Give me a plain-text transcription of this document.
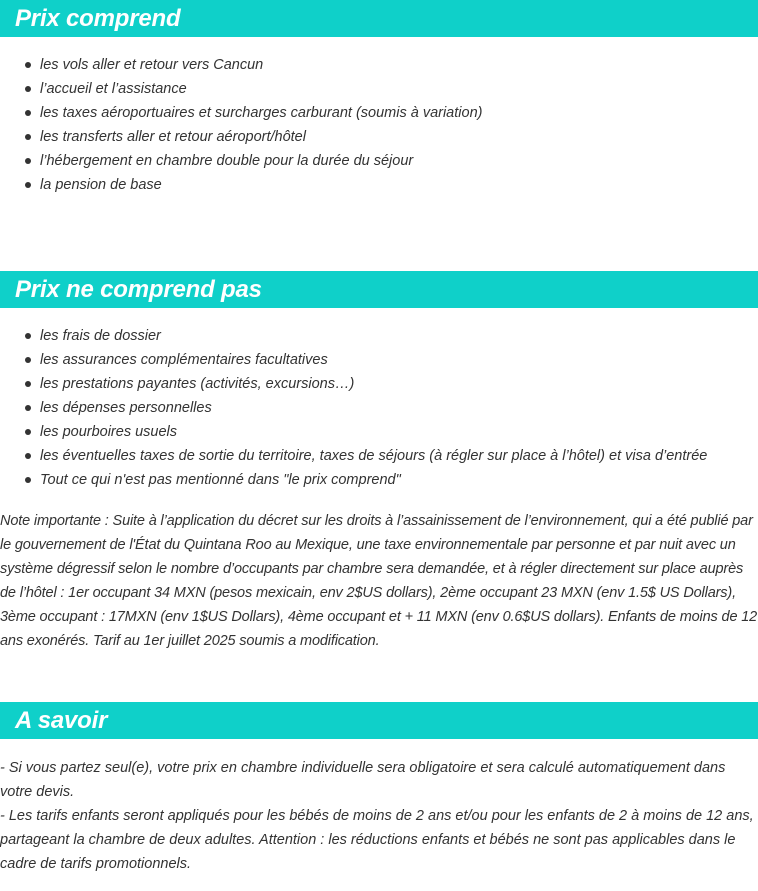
Prix comprend
les vols aller et retour vers Cancun
l’accueil et l’assistance
les taxes aéroportuaires et surcharges carburant (soumis à variation)
les transferts aller et retour aéroport/hôtel
l’hébergement en chambre double pour la durée du séjour
la pension de base
Prix ne comprend pas
les frais de dossier
les assurances complémentaires facultatives
les prestations payantes (activités, excursions…)
les dépenses personnelles
les pourboires usuels
les éventuelles taxes de sortie du territoire, taxes de séjours (à régler sur place à l’hôtel) et visa d’entrée
Tout ce qui n'est pas mentionné dans "le prix comprend"

Note importante : Suite à l’application du décret sur les droits à l’assainissement de l’environnement, qui a été publié par le gouvernement de l'État du Quintana Roo au Mexique, une taxe environnementale par personne et par nuit avec un système dégressif selon le nombre d’occupants par chambre sera demandée, et à régler directement sur place auprès de l’hôtel : 1er occupant 34 MXN (pesos mexicain, env 2$US dollars), 2ème occupant 23 MXN (env 1.5$ US Dollars), 3ème occupant : 17MXN (env 1$US Dollars), 4ème occupant et + 11 MXN (env 0.6$US dollars). Enfants de moins de 12 ans exonérés. Tarif au 1er juillet 2025 soumis a modification.

A savoir

- Si vous partez seul(e), votre prix en chambre individuelle sera obligatoire et sera calculé automatiquement dans votre devis.

- Les tarifs enfants seront appliqués pour les bébés de moins de 2 ans et/ou pour les enfants de 2 à moins de 12 ans, partageant la chambre de deux adultes. Attention : les réductions enfants et bébés ne sont pas applicables dans le cadre de tarifs promotionnels.
